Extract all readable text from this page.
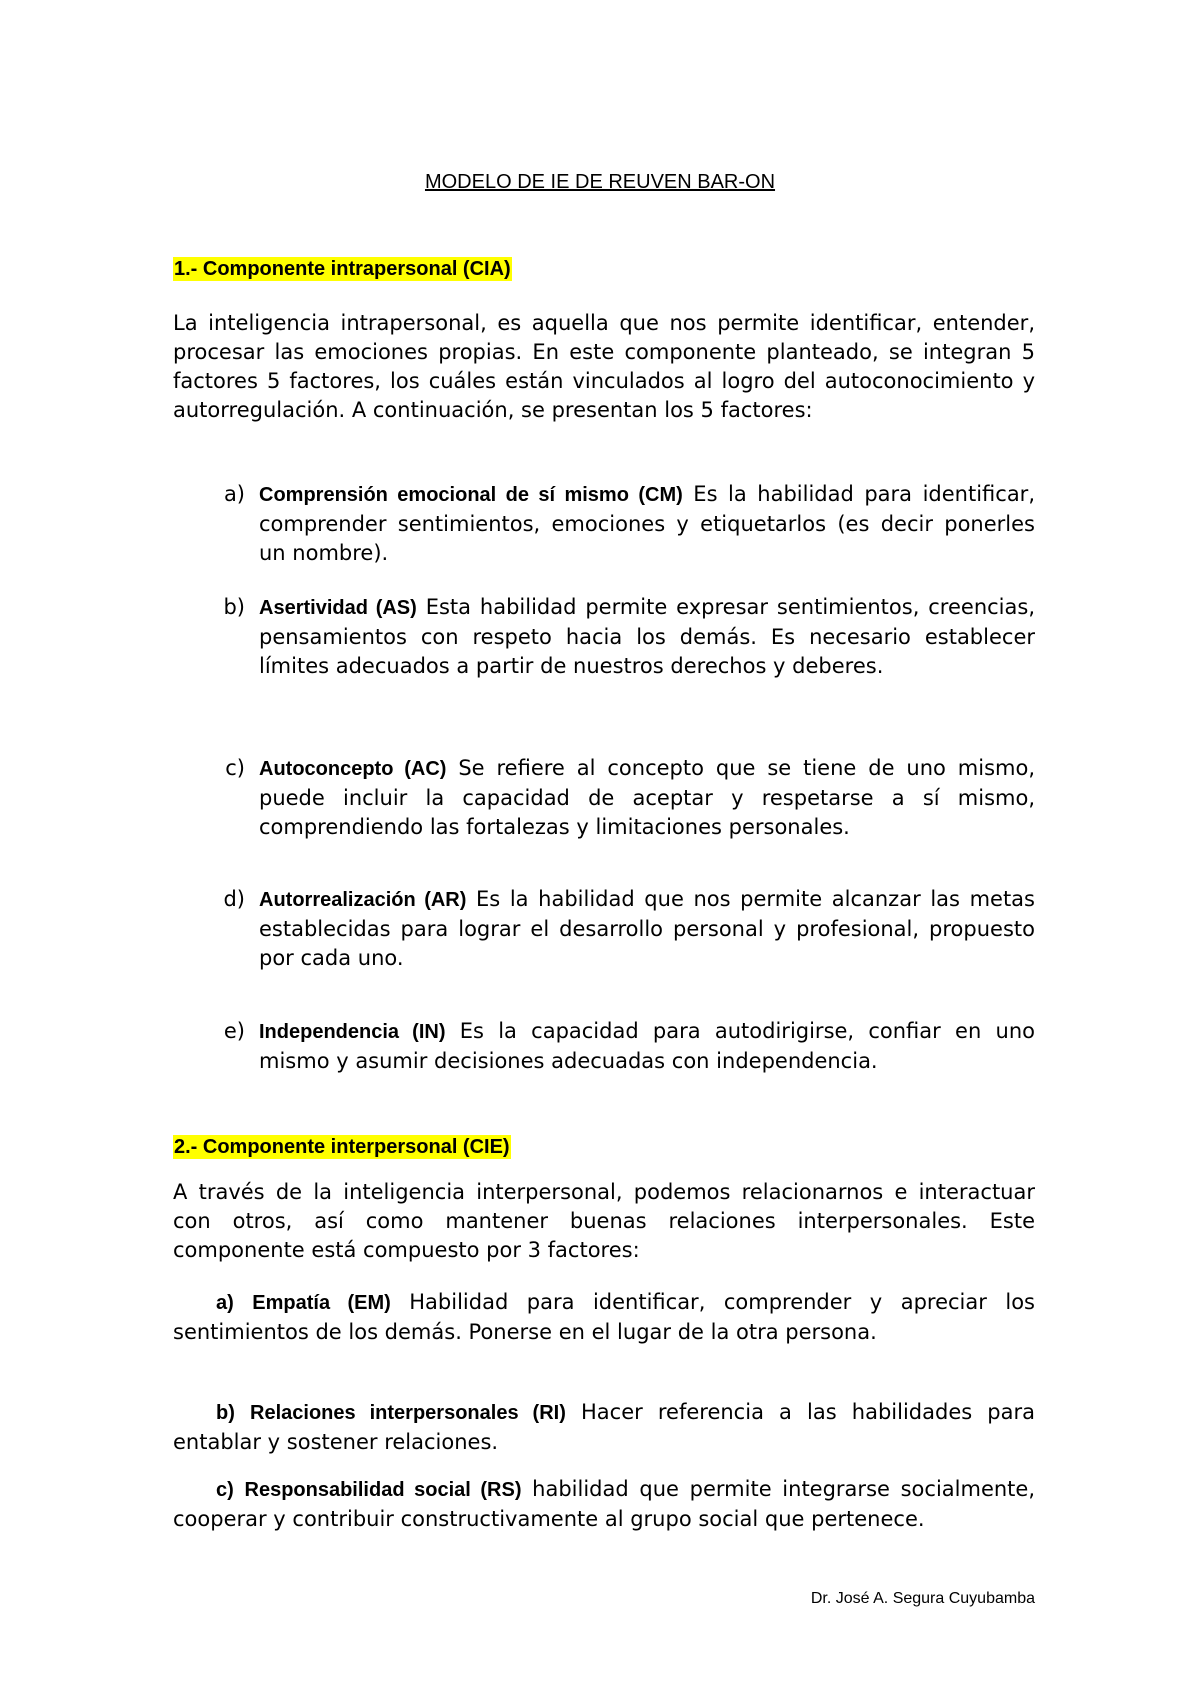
MODELO DE IE DE REUVEN BAR-ON
1.- Componente intrapersonal (CIA)

La inteligencia intrapersonal, es aquella que nos permite identificar, entender, procesar las emociones propias. En este componente planteado, se integran 5 factores 5 factores, los cuáles están vinculados al logro del autoconocimiento y autorregulación. A continuación, se presentan los 5 factores:

a) Comprensión emocional de sí mismo (CM) Es la habilidad para identificar, comprender sentimientos, emociones y etiquetarlos (es decir ponerles un nombre).
b) Asertividad (AS) Esta habilidad permite expresar sentimientos, creencias, pensamientos con respeto hacia los demás. Es necesario establecer límites adecuados a partir de nuestros derechos y deberes.
c) Autoconcepto (AC) Se refiere al concepto que se tiene de uno mismo, puede incluir la capacidad de aceptar y respetarse a sí mismo, comprendiendo las fortalezas y limitaciones personales.
d) Autorrealización (AR) Es la habilidad que nos permite alcanzar las metas establecidas para lograr el desarrollo personal y profesional, propuesto por cada uno.
e) Independencia (IN) Es la capacidad para autodirigirse, confiar en uno mismo y asumir decisiones adecuadas con independencia.
2.- Componente interpersonal (CIE)

A través de la inteligencia interpersonal, podemos relacionarnos e interactuar con otros, así como mantener buenas relaciones interpersonales. Este componente está compuesto por 3 factores:

a) Empatía (EM) Habilidad para identificar, comprender y apreciar los sentimientos de los demás. Ponerse en el lugar de la otra persona.

b) Relaciones interpersonales (RI) Hacer referencia a las habilidades para entablar y sostener relaciones.

c) Responsabilidad social (RS) habilidad que permite integrarse socialmente, cooperar y contribuir constructivamente al grupo social que pertenece.

Dr. José A. Segura Cuyubamba
